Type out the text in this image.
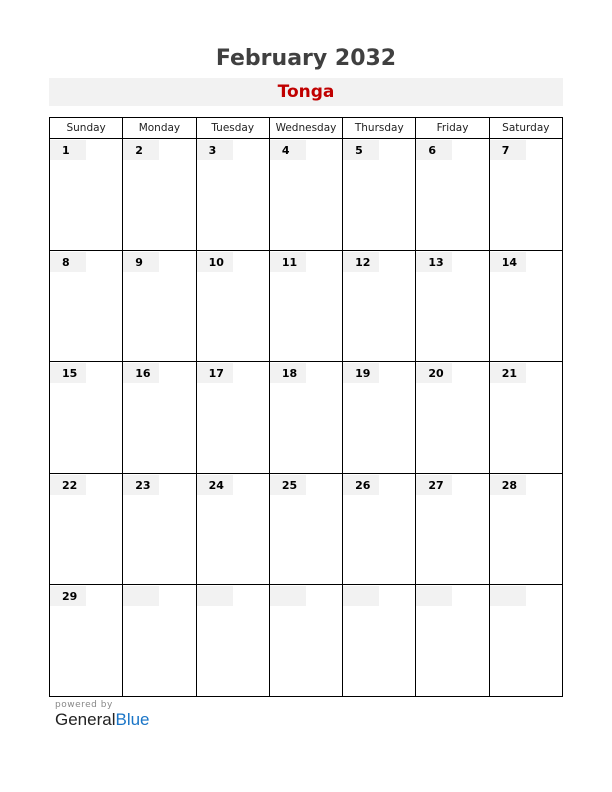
February 2032
Tonga
Sunday	Monday	Tuesday	Wednesday	Thursday	Friday	Saturday

1	2	3	4	5	6	7

8	9	10	11	12	13	14

15	16	17	18	19	20	21

22	23	24	25	26	27	28

29						

powered by
GeneralBlue
